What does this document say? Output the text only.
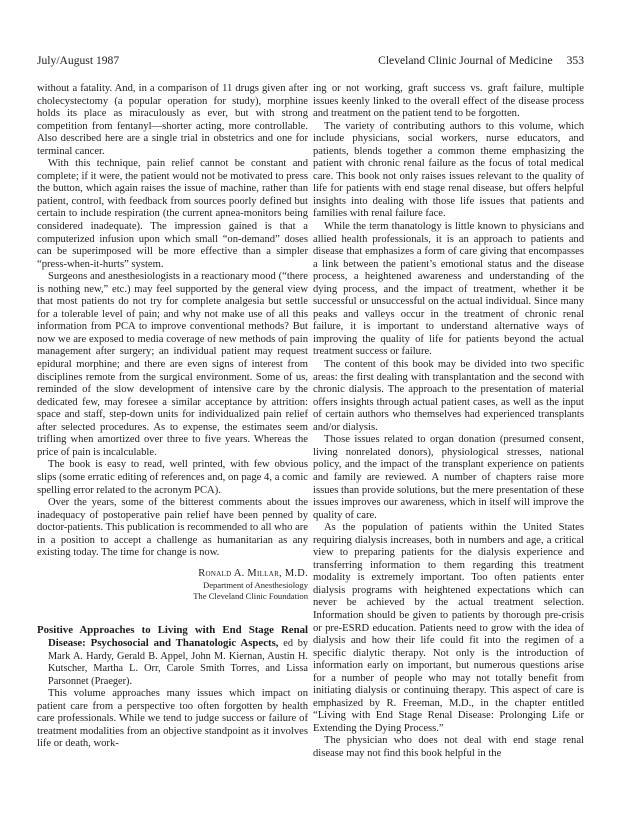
July/August 1987	Cleveland Clinic Journal of Medicine 353

without a fatality. And, in a comparison of 11 drugs given after cholecystectomy (a popular operation for study), morphine holds its place as miraculously as ever, but with strong competition from fentanyl—shorter acting, more controllable. Also described here are a single trial in obstetrics and one for terminal cancer.

With this technique, pain relief cannot be constant and complete; if it were, the patient would not be motivated to press the button, which again raises the issue of machine, rather than patient, control, with feedback from sources poorly defined but certain to include respiration (the current apnea-monitors being considered inadequate). The impression gained is that a computerized infusion upon which small “on-demand” doses can be superimposed will be more effective than a simpler “press-when-it-hurts” system.

Surgeons and anesthesiologists in a reactionary mood (“there is nothing new,” etc.) may feel supported by the general view that most patients do not try for complete analgesia but settle for a tolerable level of pain; and why not make use of all this information from PCA to improve conventional methods? But now we are exposed to media coverage of new methods of pain management after surgery; an individual patient may request epidural morphine; and there are even signs of interest from disciplines remote from the surgical environment. Some of us, reminded of the slow development of intensive care by the dedicated few, may foresee a similar acceptance by attrition: space and staff, step-down units for individualized pain relief after selected procedures. As to expense, the estimates seem trifling when amortized over three to five years. Whereas the price of pain is incalculable.

The book is easy to read, well printed, with few obvious slips (some erratic editing of references and, on page 4, a comic spelling error related to the acronym PCA).

Over the years, some of the bitterest comments about the inadequacy of postoperative pain relief have been penned by doctor-patients. This publication is recommended to all who are in a position to accept a challenge as humanitarian as any existing today. The time for change is now.

Ronald A. Millar, M.D.
Department of Anesthesiology
The Cleveland Clinic Foundation
Positive Approaches to Living with End Stage Renal Disease: Psychosocial and Thanatologic Aspects, ed by Mark A. Hardy, Gerald B. Appel, John M. Kiernan, Austin H. Kutscher, Martha L. Orr, Carole Smith Torres, and Lissa Parsonnet (Praeger).

This volume approaches many issues which impact on patient care from a perspective too often forgotten by health care professionals. While we tend to judge success or failure of treatment modalities from an objective standpoint as it involves life or death, work-

ing or not working, graft success vs. graft failure, multiple issues keenly linked to the overall effect of the disease process and treatment on the patient tend to be forgotten.

The variety of contributing authors to this volume, which include physicians, social workers, nurse educators, and patients, blends together a common theme emphasizing the patient with chronic renal failure as the focus of total medical care. This book not only raises issues relevant to the quality of life for patients with end stage renal disease, but offers helpful insights into dealing with those life issues that patients and families with renal failure face.

While the term thanatology is little known to physicians and allied health professionals, it is an approach to patients and disease that emphasizes a form of care giving that encompasses a link between the patient’s emotional status and the disease process, a heightened awareness and understanding of the dying process, and the impact of treatment, whether it be successful or unsuccessful on the actual individual. Since many peaks and valleys occur in the treatment of chronic renal failure, it is important to understand alternative ways of improving the quality of life for patients beyond the actual treatment success or failure.

The content of this book may be divided into two specific areas: the first dealing with transplantation and the second with chronic dialysis. The approach to the presentation of material offers insights through actual patient cases, as well as the input of certain authors who themselves had experienced transplants and/or dialysis.

Those issues related to organ donation (presumed consent, living nonrelated donors), physiological stresses, national policy, and the impact of the transplant experience on patients and family are reviewed. A number of chapters raise more issues than provide solutions, but the mere presentation of these issues improves our awareness, which in itself will improve the quality of care.

As the population of patients within the United States requiring dialysis increases, both in numbers and age, a critical view to preparing patients for the dialysis experience and transferring information to them regarding this treatment modality is extremely important. Too often patients enter dialysis programs with heightened expectations which can never be achieved by the actual treatment selection. Information should be given to patients by thorough pre-crisis or pre-ESRD education. Patients need to grow with the idea of dialysis and how their life could fit into the regimen of a specific dialytic therapy. Not only is the introduction of information early on important, but numerous questions arise for a number of people who may not totally benefit from initiating dialysis or continuing therapy. This aspect of care is emphasized by R. Freeman, M.D., in the chapter entitled “Living with End Stage Renal Disease: Prolonging Life or Extending the Dying Process.”

The physician who does not deal with end stage renal disease may not find this book helpful in the
